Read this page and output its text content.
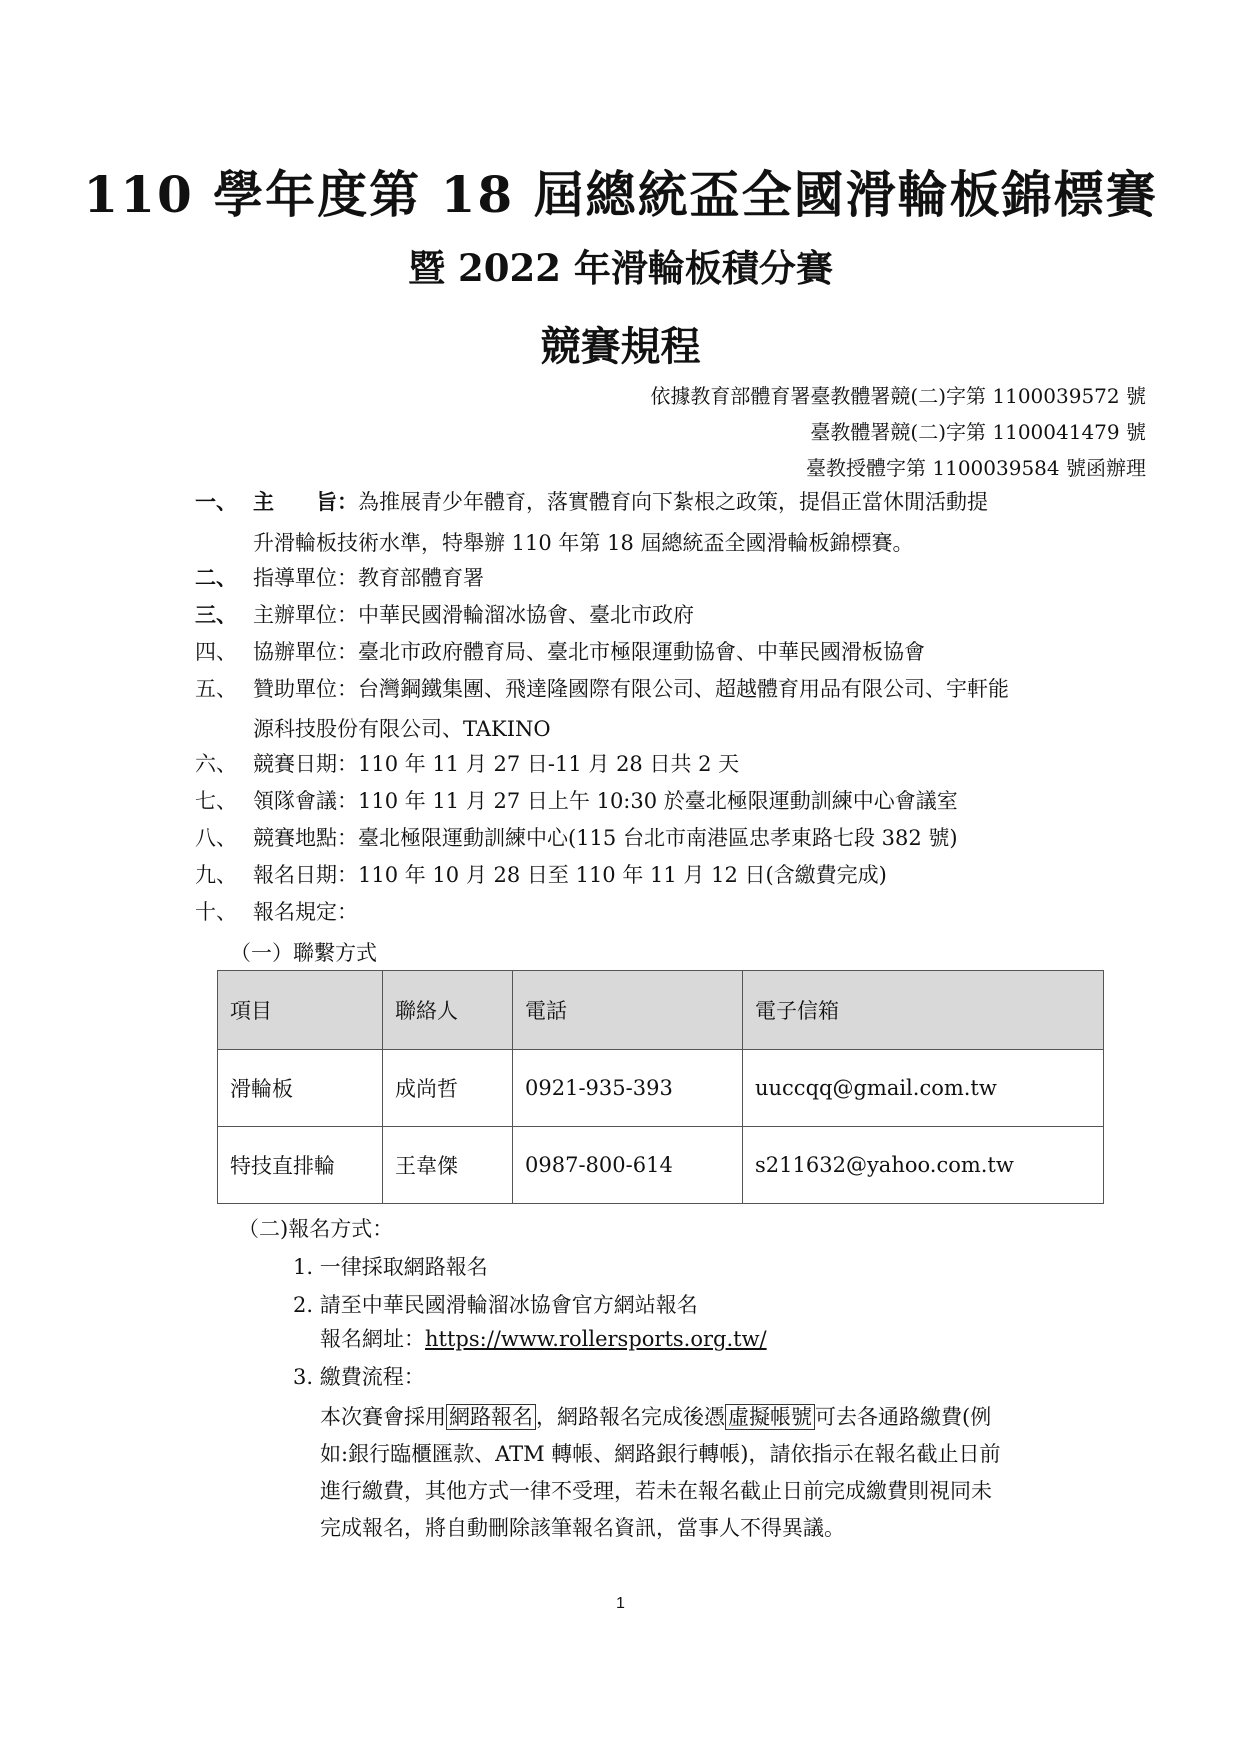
110 學年度第 18 屆總統盃全國滑輪板錦標賽
暨 2022 年滑輪板積分賽
競賽規程
依據教育部體育署臺教體署競(二)字第 1100039572 號
臺教體署競(二)字第 1100041479 號
臺教授體字第 1100039584 號函辦理
一、 主　　旨：為推展青少年體育，落實體育向下紮根之政策，提倡正當休閒活動提
升滑輪板技術水準，特舉辦 110 年第 18 屆總統盃全國滑輪板錦標賽。
二、 指導單位：教育部體育署
三、 主辦單位：中華民國滑輪溜冰協會、臺北市政府
四、 協辦單位：臺北市政府體育局、臺北市極限運動協會、中華民國滑板協會
五、 贊助單位：台灣鋼鐵集團、飛達隆國際有限公司、超越體育用品有限公司、宇軒能
源科技股份有限公司、TAKINO
六、 競賽日期：110 年 11 月 27 日-11 月 28 日共 2 天
七、 領隊會議：110 年 11 月 27 日上午 10:30 於臺北極限運動訓練中心會議室
八、 競賽地點：臺北極限運動訓練中心(115 台北市南港區忠孝東路七段 382 號)
九、 報名日期：110 年 10 月 28 日至 110 年 11 月 12 日(含繳費完成)
十、 報名規定：
（一）聯繫方式
項目	聯絡人	電話	電子信箱
滑輪板	成尚哲	0921-935-393	uuccqq@gmail.com.tw
特技直排輪	王韋傑	0987-800-614	s211632@yahoo.com.tw
（二)報名方式：
1. 一律採取網路報名
2. 請至中華民國滑輪溜冰協會官方網站報名
報名網址：https://www.rollersports.org.tw/
3. 繳費流程：
本次賽會採用 網路報名 ，網路報名完成後憑 虛擬帳號 可去各通路繳費(例
如:銀行臨櫃匯款、ATM 轉帳、網路銀行轉帳)，請依指示在報名截止日前
進行繳費，其他方式一律不受理，若未在報名截止日前完成繳費則視同未
完成報名，將自動刪除該筆報名資訊，當事人不得異議。
1
